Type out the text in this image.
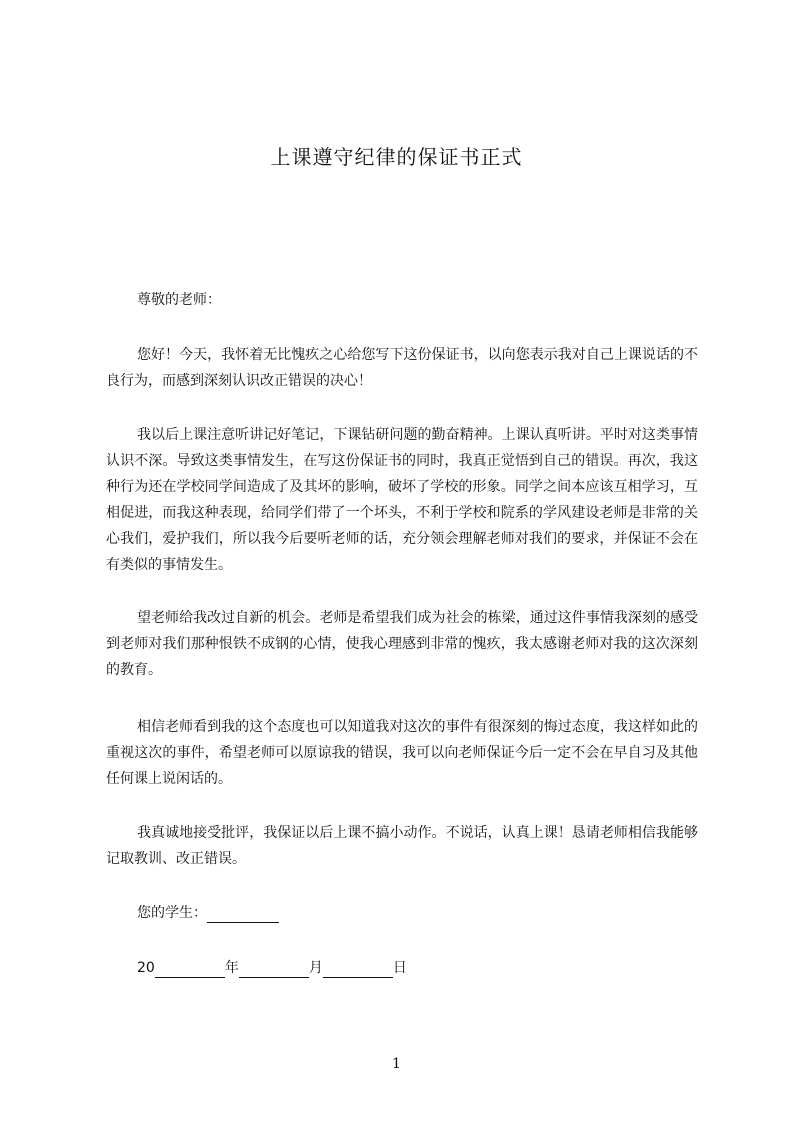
上课遵守纪律的保证书正式
尊敬的老师：
您好！今天，我怀着无比愧疚之心给您写下这份保证书，以向您表示我对自己上课说话的不良行为，而感到深刻认识改正错误的决心！
我以后上课注意听讲记好笔记，下课钻研问题的勤奋精神。上课认真听讲。平时对这类事情认识不深。导致这类事情发生，在写这份保证书的同时，我真正觉悟到自己的错误。再次，我这种行为还在学校同学间造成了及其坏的影响，破坏了学校的形象。同学之间本应该互相学习，互相促进，而我这种表现，给同学们带了一个坏头，不利于学校和院系的学风建设老师是非常的关心我们，爱护我们，所以我今后要听老师的话，充分领会理解老师对我们的要求，并保证不会在有类似的事情发生。
望老师给我改过自新的机会。老师是希望我们成为社会的栋梁，通过这件事情我深刻的感受到老师对我们那种恨铁不成钢的心情，使我心理感到非常的愧疚，我太感谢老师对我的这次深刻的教育。
相信老师看到我的这个态度也可以知道我对这次的事件有很深刻的悔过态度，我这样如此的重视这次的事件，希望老师可以原谅我的错误，我可以向老师保证今后一定不会在早自习及其他任何课上说闲话的。
我真诚地接受批评，我保证以后上课不搞小动作。不说话，认真上课！恳请老师相信我能够记取教训、改正错误。
您的学生：
20	年	月	日
1
